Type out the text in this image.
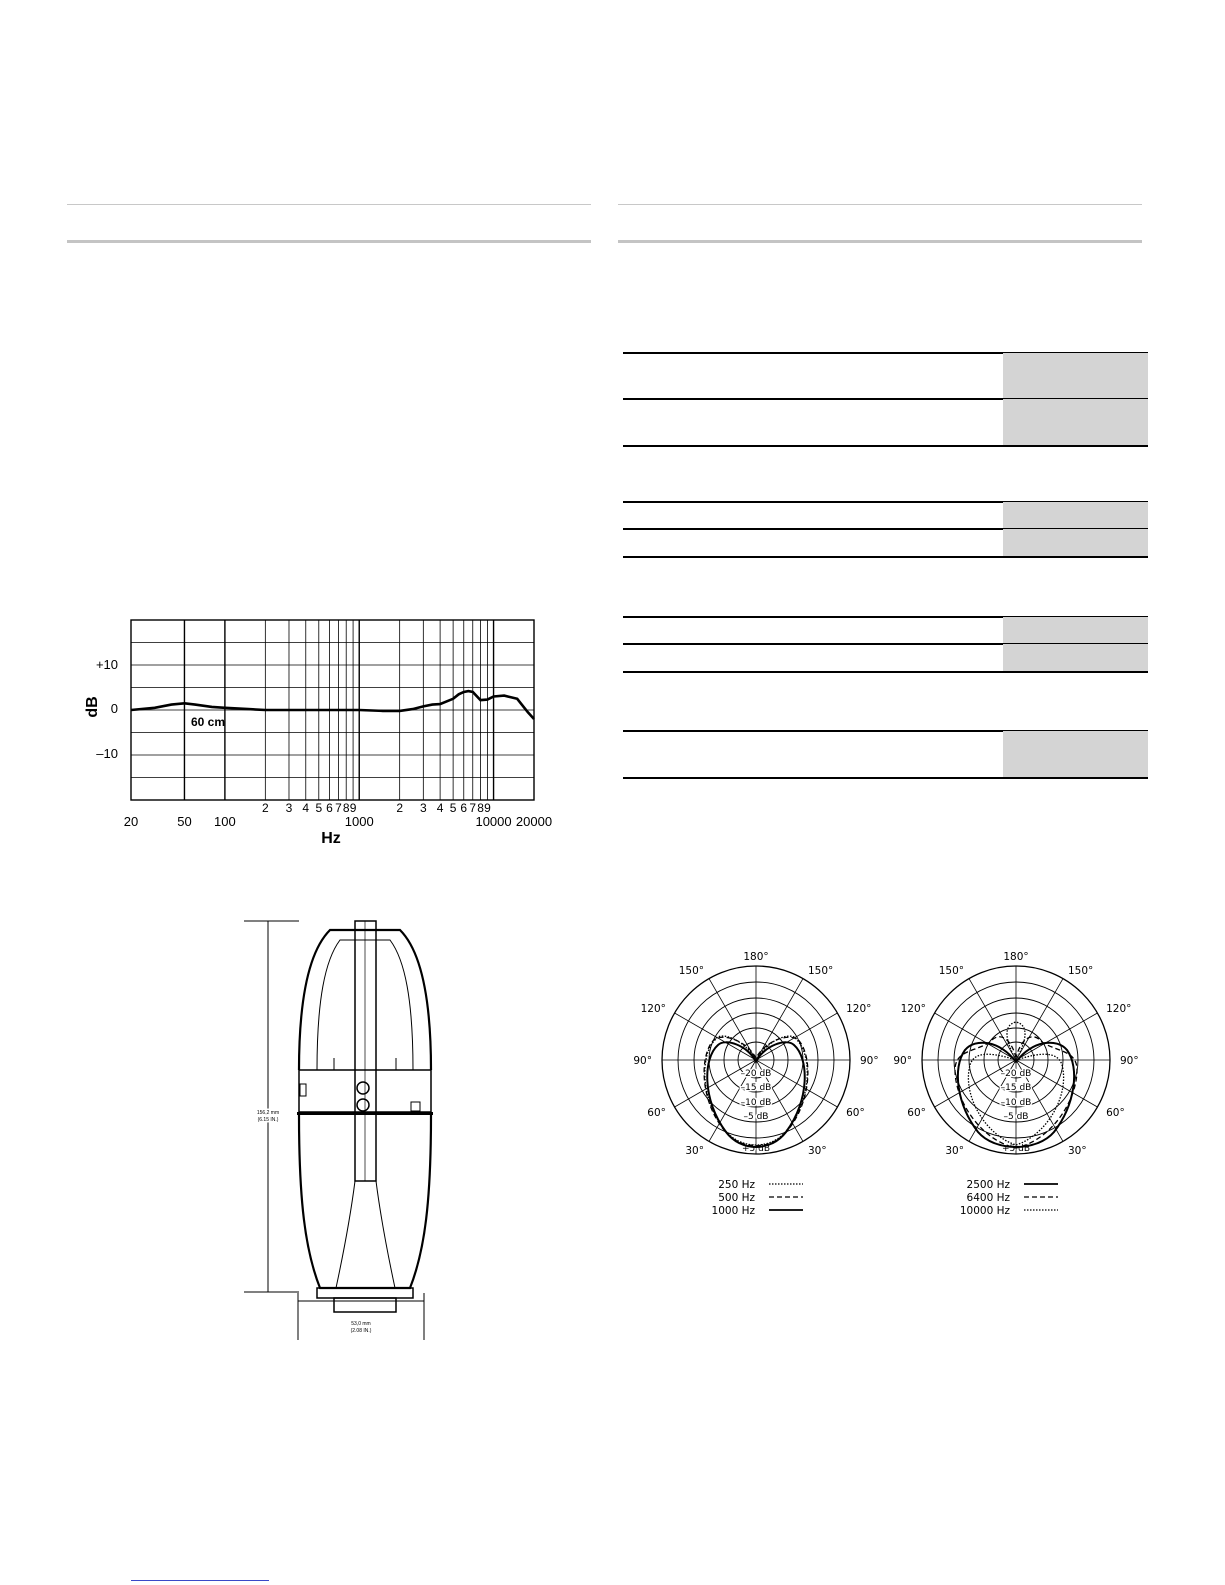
dB
+10
0
–10
60 cm
20	50 100	1000	10000 20000
2 3 4 5 6 7 8 9	2 3 4 5 6 7 8 9
Hz
156,2 mm
(6.15 IN.)
53,0 mm
(2.08 IN.)
180°
150°	150°
120°	120°
90°	90°
60°	60°
30°	30°
–20 dB
–15 dB
–10 dB
–5 dB
+5 dB
250 Hz
500 Hz
1000 Hz
180°
150°	150°
120°	120°
90°	90°
60°	60°
30°	30°
–20 dB
–15 dB
–10 dB
–5 dB
+5 dB
2500 Hz
6400 Hz
10000 Hz
